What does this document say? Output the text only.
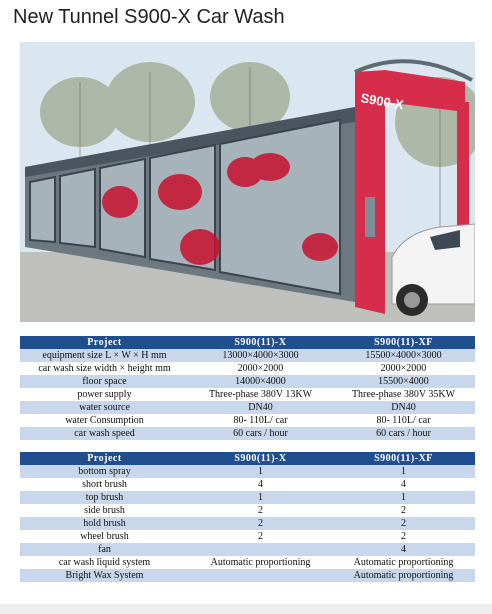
New Tunnel S900-X Car Wash
S900-X
Project	S900(11)-X	S900(11)-XF
equipment size L × W × H mm	13000×4000×3000	15500×4000×3000
car wash size width × height mm	2000×2000	2000×2000
floor space	14000×4000	15500×4000
power supply	Three-phase 380V 13KW	Three-phase 380V 35KW
water source	DN40	DN40
water Consumption	80- 110L/ car	80- 110L/ car
car wash speed	60 cars / hour	60 cars / hour
Project	S900(11)-X	S900(11)-XF
bottom spray	1	1
short brush	4	4
top brush	1	1
side brush	2	2
hold brush	2	2
wheel brush	2	2
fan		4
car wash liquid system	Automatic proportioning	Automatic proportioning
Bright Wax System		Automatic proportioning
